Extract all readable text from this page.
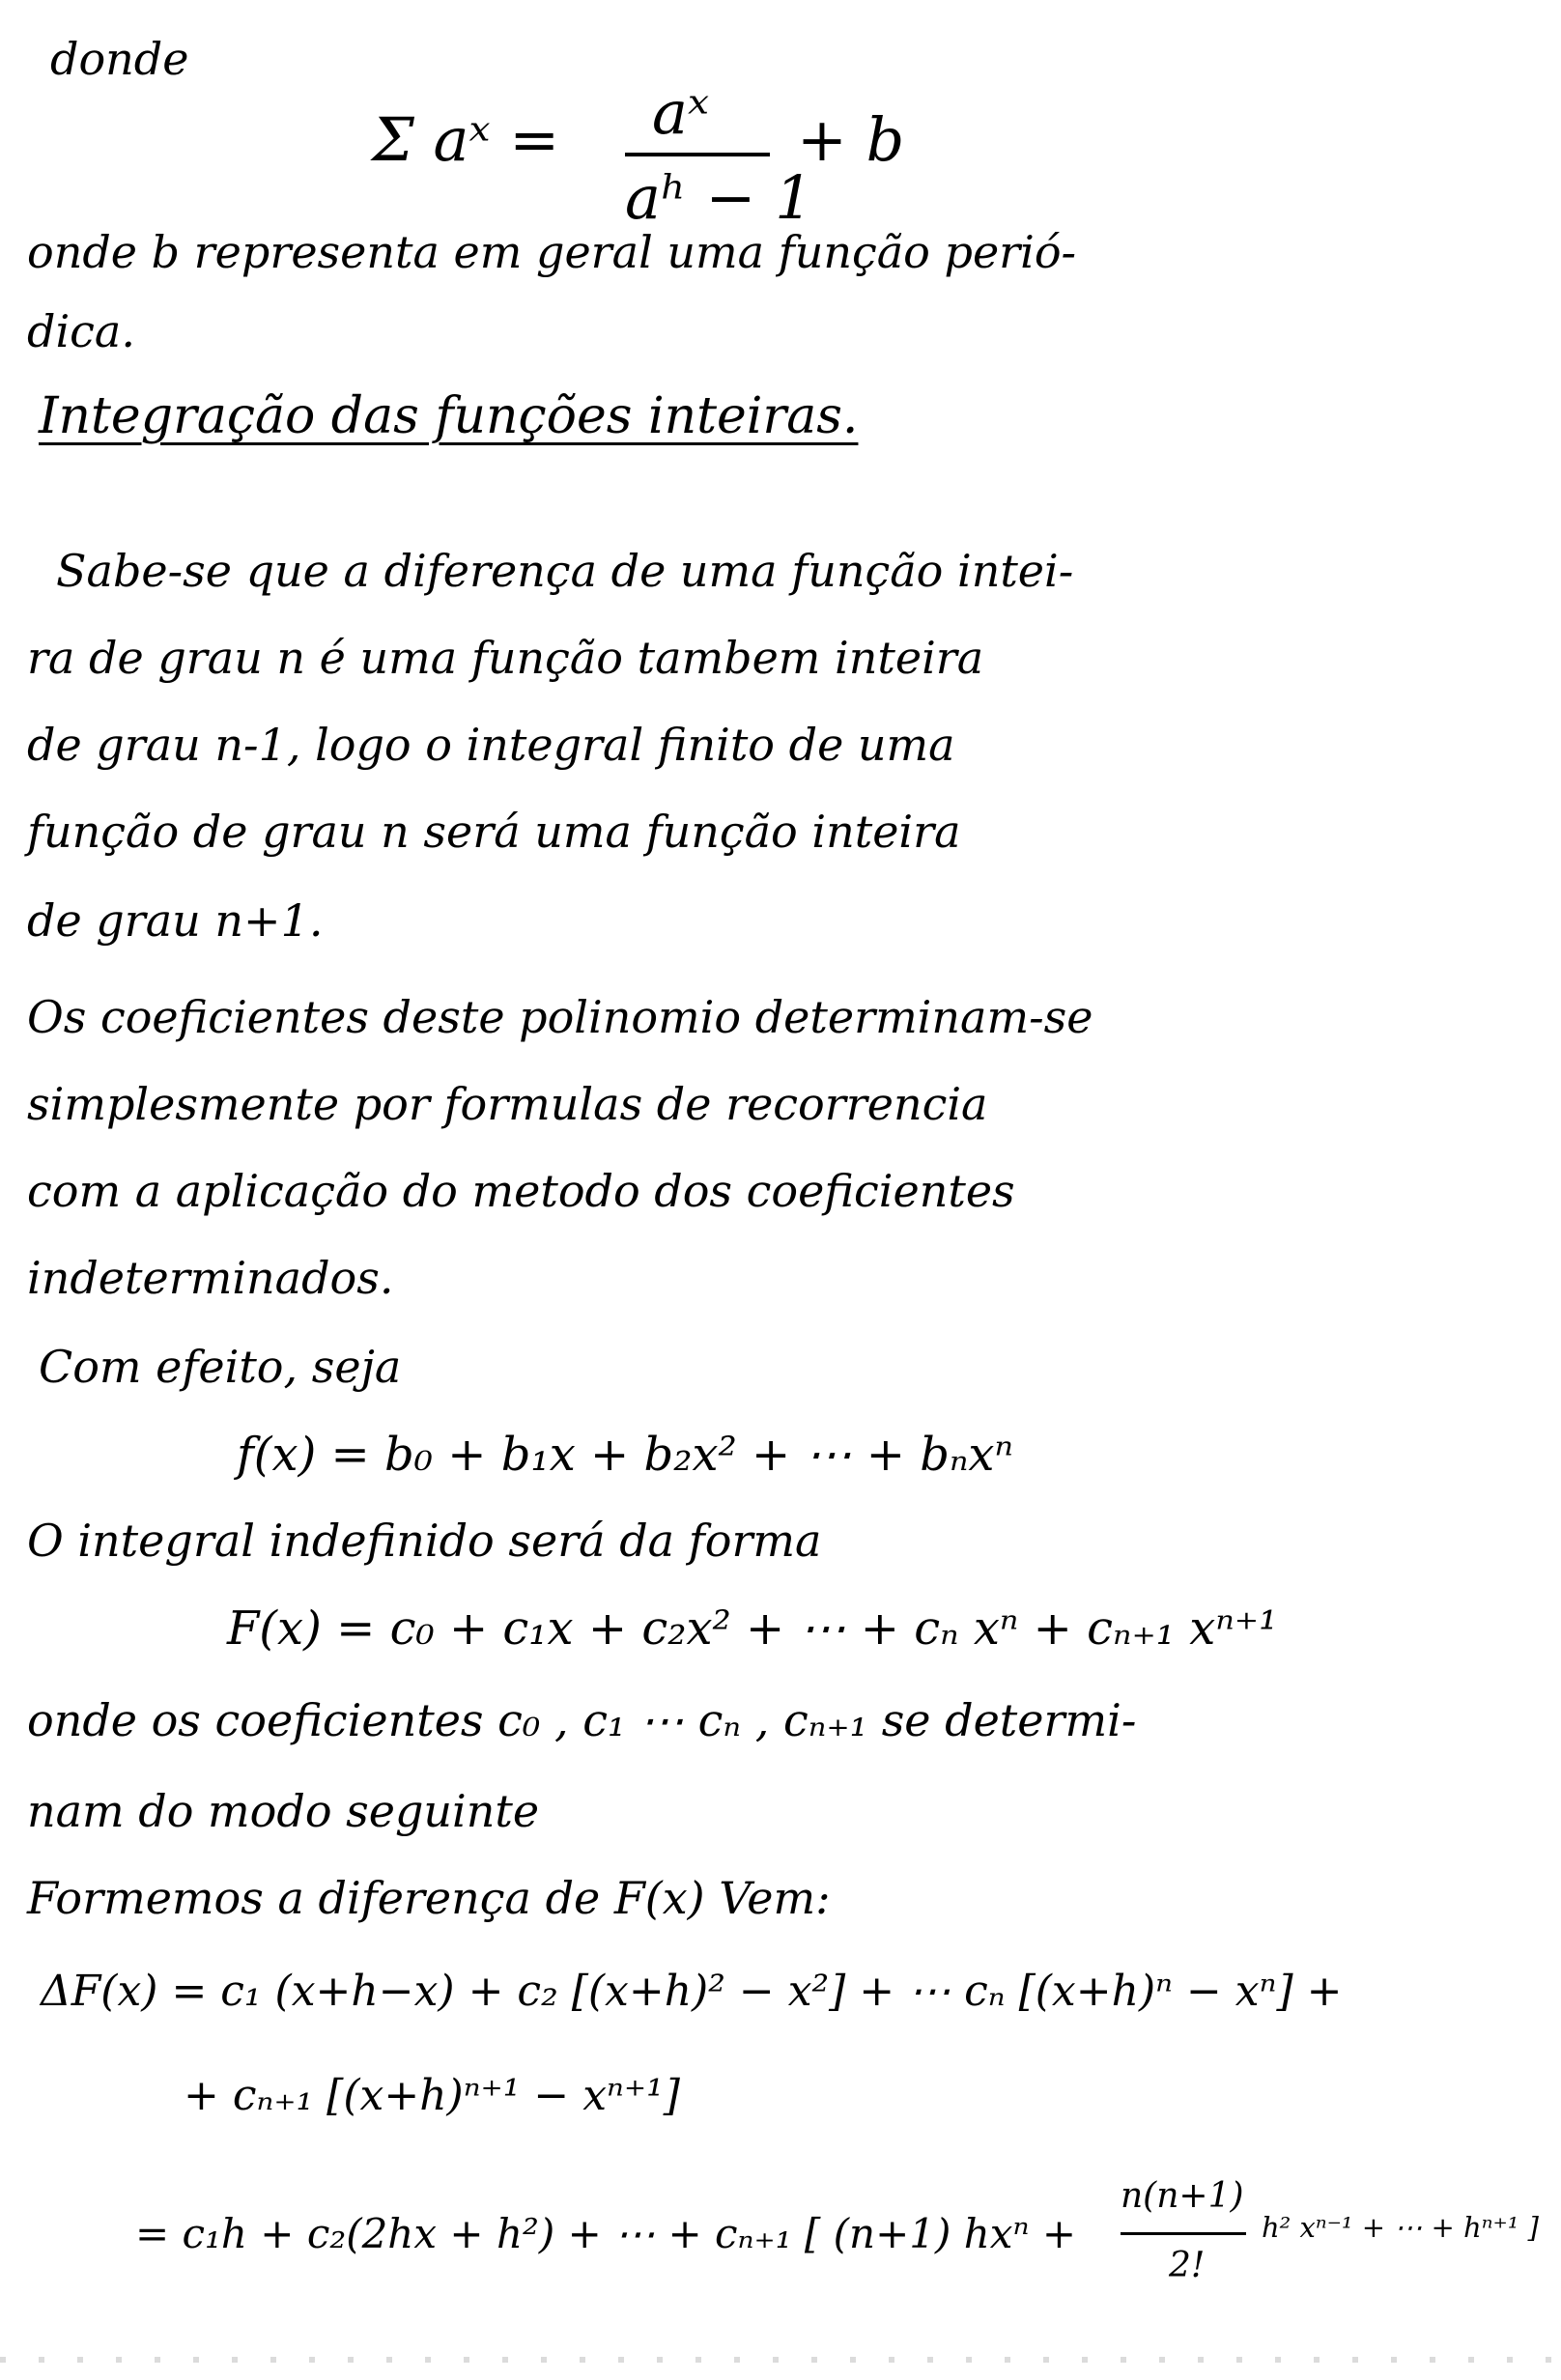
donde
Σ aˣ = aˣ
aʰ − 1
+ b
onde b representa em geral uma função perió-
dica.
Integração das funções inteiras.
Sabe-se que a diferença de uma função intei-
ra de grau n é uma função tambem inteira
de grau n-1, logo o integral finito de uma
função de grau n será uma função inteira
de grau n+1.
Os coeficientes deste polinomio determinam-se
simplesmente por formulas de recorrencia
com a aplicação do metodo dos coeficientes
indeterminados.
Com efeito, seja
f(x) = b₀ + b₁x + b₂x² + ⋯ + bₙxⁿ
O integral indefinido será da forma
F(x) = c₀ + c₁x + c₂x² + ⋯ + cₙ xⁿ + cₙ₊₁ xⁿ⁺¹
onde os coeficientes c₀ , c₁ ⋯ cₙ , cₙ₊₁ se determi-
nam do modo seguinte
Formemos a diferença de F(x) Vem:
ΔF(x) = c₁ (x+h−x) + c₂ [(x+h)² − x²] + ⋯ cₙ [(x+h)ⁿ − xⁿ] +
+ cₙ₊₁ [(x+h)ⁿ⁺¹ − xⁿ⁺¹]
= c₁h + c₂(2hx + h²) + ⋯ + cₙ₊₁ [ (n+1) hxⁿ +
n(n+1)
2!
h² xⁿ⁻¹ + ⋯ + hⁿ⁺¹ ]
